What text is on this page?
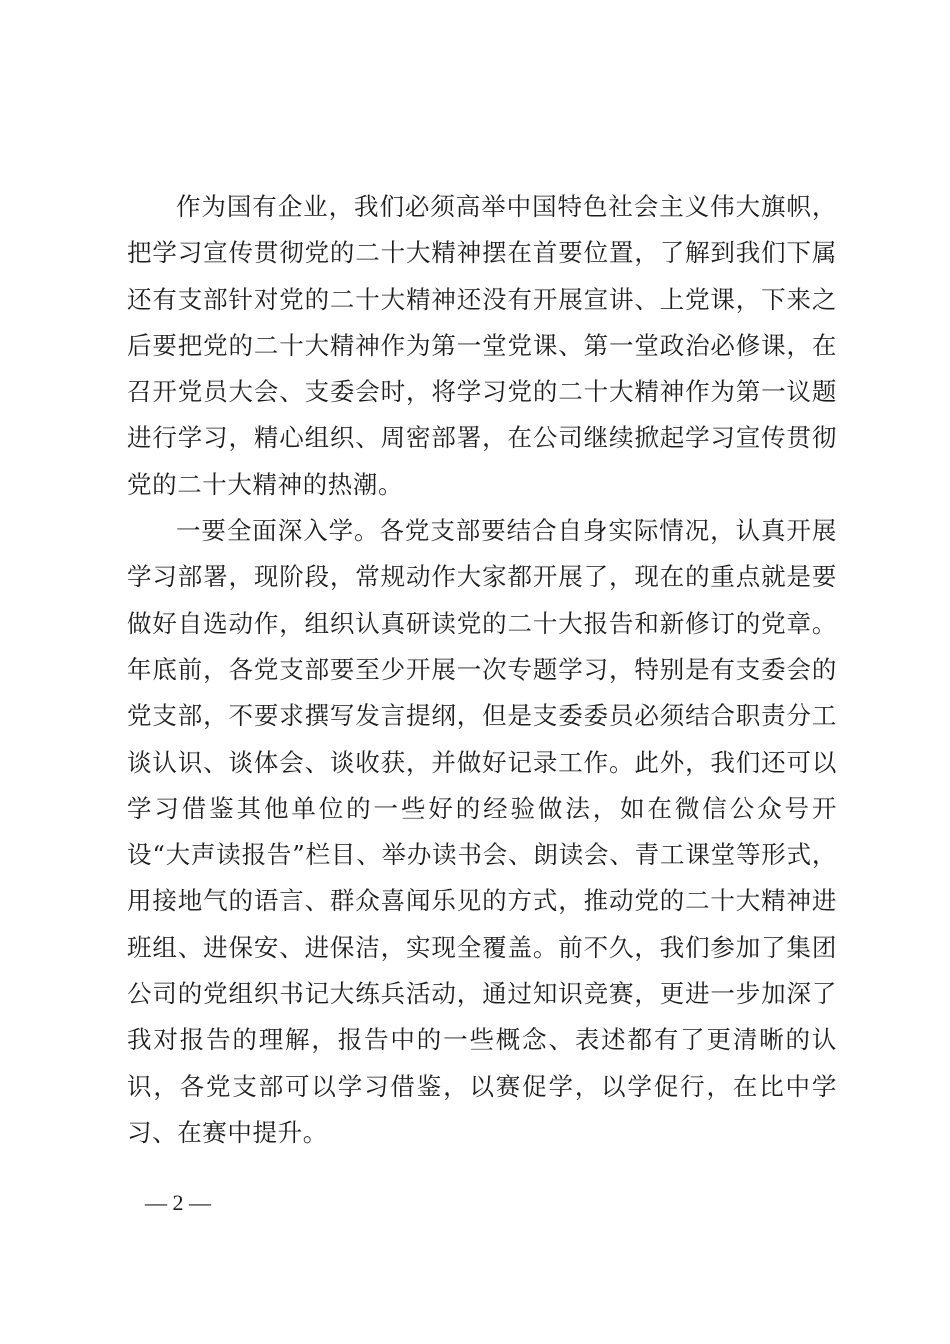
作为国有企业，我们必须高举中国特色社会主义伟大旗帜，把学习宣传贯彻党的二十大精神摆在首要位置，了解到我们下属还有支部针对党的二十大精神还没有开展宣讲、上党课，下来之后要把党的二十大精神作为第一堂党课、第一堂政治必修课，在召开党员大会、支委会时，将学习党的二十大精神作为第一议题进行学习，精心组织、周密部署，在公司继续掀起学习宣传贯彻党的二十大精神的热潮。

一要全面深入学。各党支部要结合自身实际情况，认真开展学习部署，现阶段，常规动作大家都开展了，现在的重点就是要做好自选动作，组织认真研读党的二十大报告和新修订的党章。年底前，各党支部要至少开展一次专题学习，特别是有支委会的党支部，不要求撰写发言提纲，但是支委委员必须结合职责分工谈认识、谈体会、谈收获，并做好记录工作。此外，我们还可以学习借鉴其他单位的一些好的经验做法，如在微信公众号开设“大声读报告”栏目、举办读书会、朗读会、青工课堂等形式，用接地气的语言、群众喜闻乐见的方式，推动党的二十大精神进班组、进保安、进保洁，实现全覆盖。前不久，我们参加了集团公司的党组织书记大练兵活动，通过知识竞赛，更进一步加深了我对报告的理解，报告中的一些概念、表述都有了更清晰的认识，各党支部可以学习借鉴，以赛促学，以学促行，在比中学习、在赛中提升。

— 2 —
